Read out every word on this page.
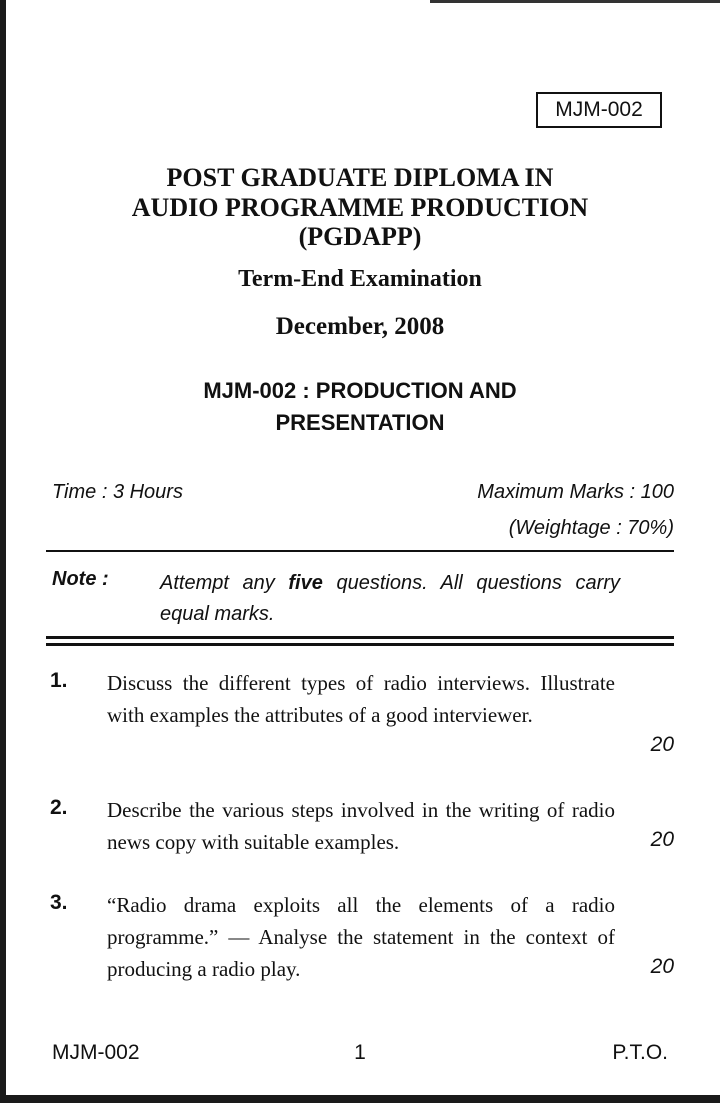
MJM-002
POST GRADUATE DIPLOMA IN
AUDIO PROGRAMME PRODUCTION
(PGDAPP)
Term-End Examination
December, 2008
MJM-002 : PRODUCTION AND
PRESENTATION
Time : 3 Hours	Maximum Marks : 100
(Weightage : 70%)
Note :	Attempt any five questions. All questions carry equal marks.
1. Discuss the different types of radio interviews. Illustrate with examples the attributes of a good interviewer.
20
2. Describe the various steps involved in the writing of radio news copy with suitable examples.	20
3. “Radio drama exploits all the elements of a radio programme.” — Analyse the statement in the context of producing a radio play.	20
MJM-002	1	P.T.O.
